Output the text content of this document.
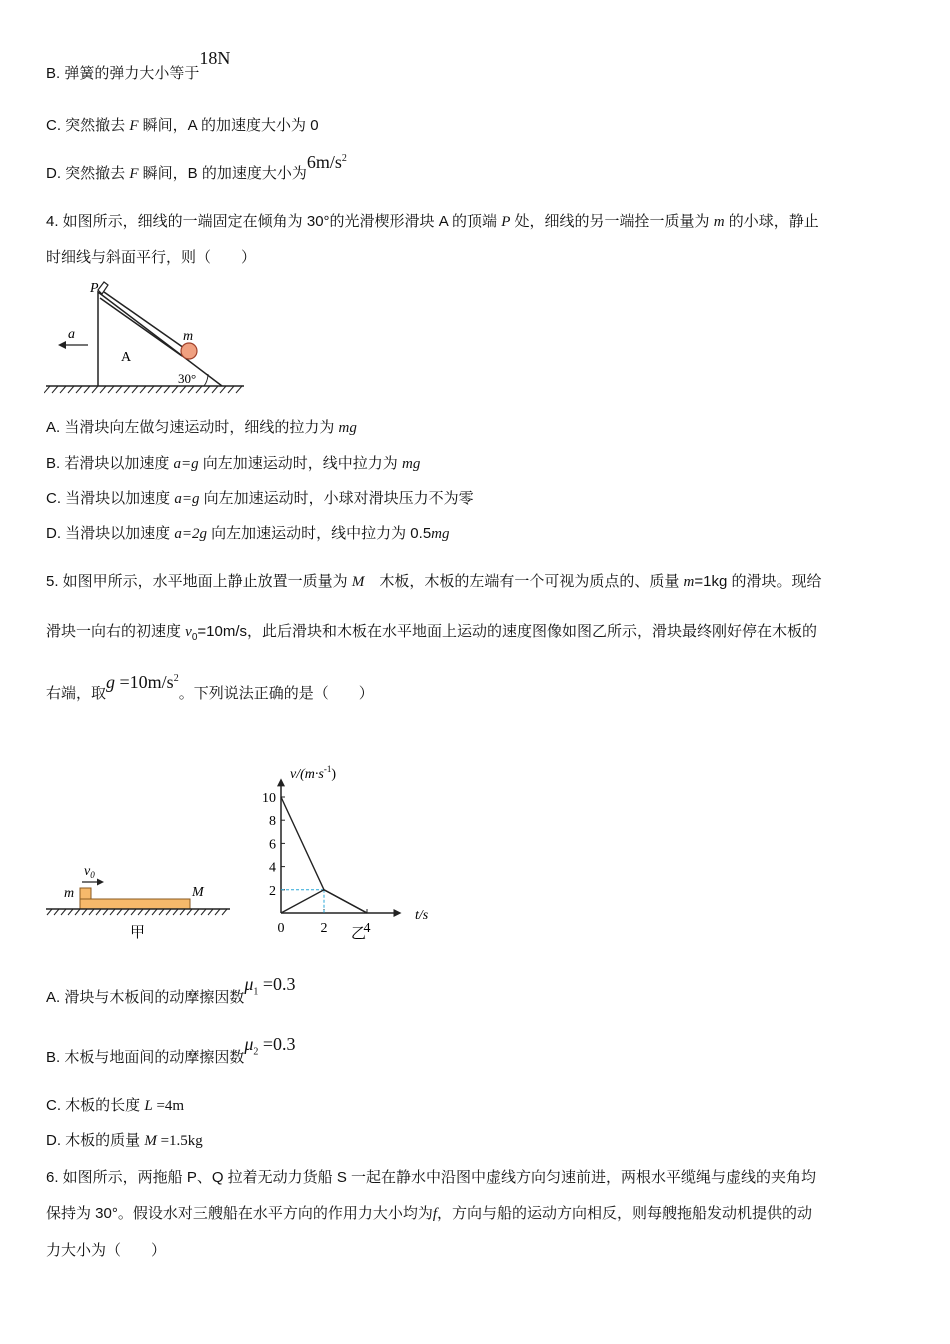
B. 弹簧的弹力大小等于18N
C. 突然撤去 F 瞬间，A 的加速度大小为 0
D. 突然撤去 F 瞬间，B 的加速度大小为$6m/s^2$
4. 如图所示，细线的一端固定在倾角为 30°的光滑楔形滑块 A 的顶端 P 处，细线的另一端拴一质量为 m 的小球，静止
时细线与斜面平行，则（　　）
a
P
A
m
30°
A. 当滑块向左做匀速运动时，细线的拉力为 mg
B. 若滑块以加速度 a=g 向左加速运动时，线中拉力为 mg
C. 当滑块以加速度 a=g 向左加速运动时，小球对滑块压力不为零
D. 当滑块以加速度 a=2g 向左加速运动时，线中拉力为 0.5mg
5. 如图甲所示，水平地面上静止放置一质量为 M　木板，木板的左端有一个可视为质点的、质量 m=1kg 的滑块。现给
滑块一向右的初速度 $v_0=10m/s$，此后滑块和木板在水平地面上运动的速度图像如图乙所示，滑块最终刚好停在木板的
右端，取$g =10m/s^2$。下列说法正确的是（　　）
$v_0$
m	M
甲
10
8
6
4
2
0	2	4
$v/(m\cdot s^{-1})$
t/s
乙
A. 滑块与木板间的动摩擦因数$\mu_1 =0.3$
B. 木板与地面间的动摩擦因数$\mu_2 =0.3$
C. 木板的长度 L =4m
D. 木板的质量 M =1.5kg
6. 如图所示，两拖船 P、Q 拉着无动力货船 S 一起在静水中沿图中虚线方向匀速前进，两根水平缆绳与虚线的夹角均
保持为 30°。假设水对三艘船在水平方向的作用力大小均为f，方向与船的运动方向相反，则每艘拖船发动机提供的动
力大小为（　　）
